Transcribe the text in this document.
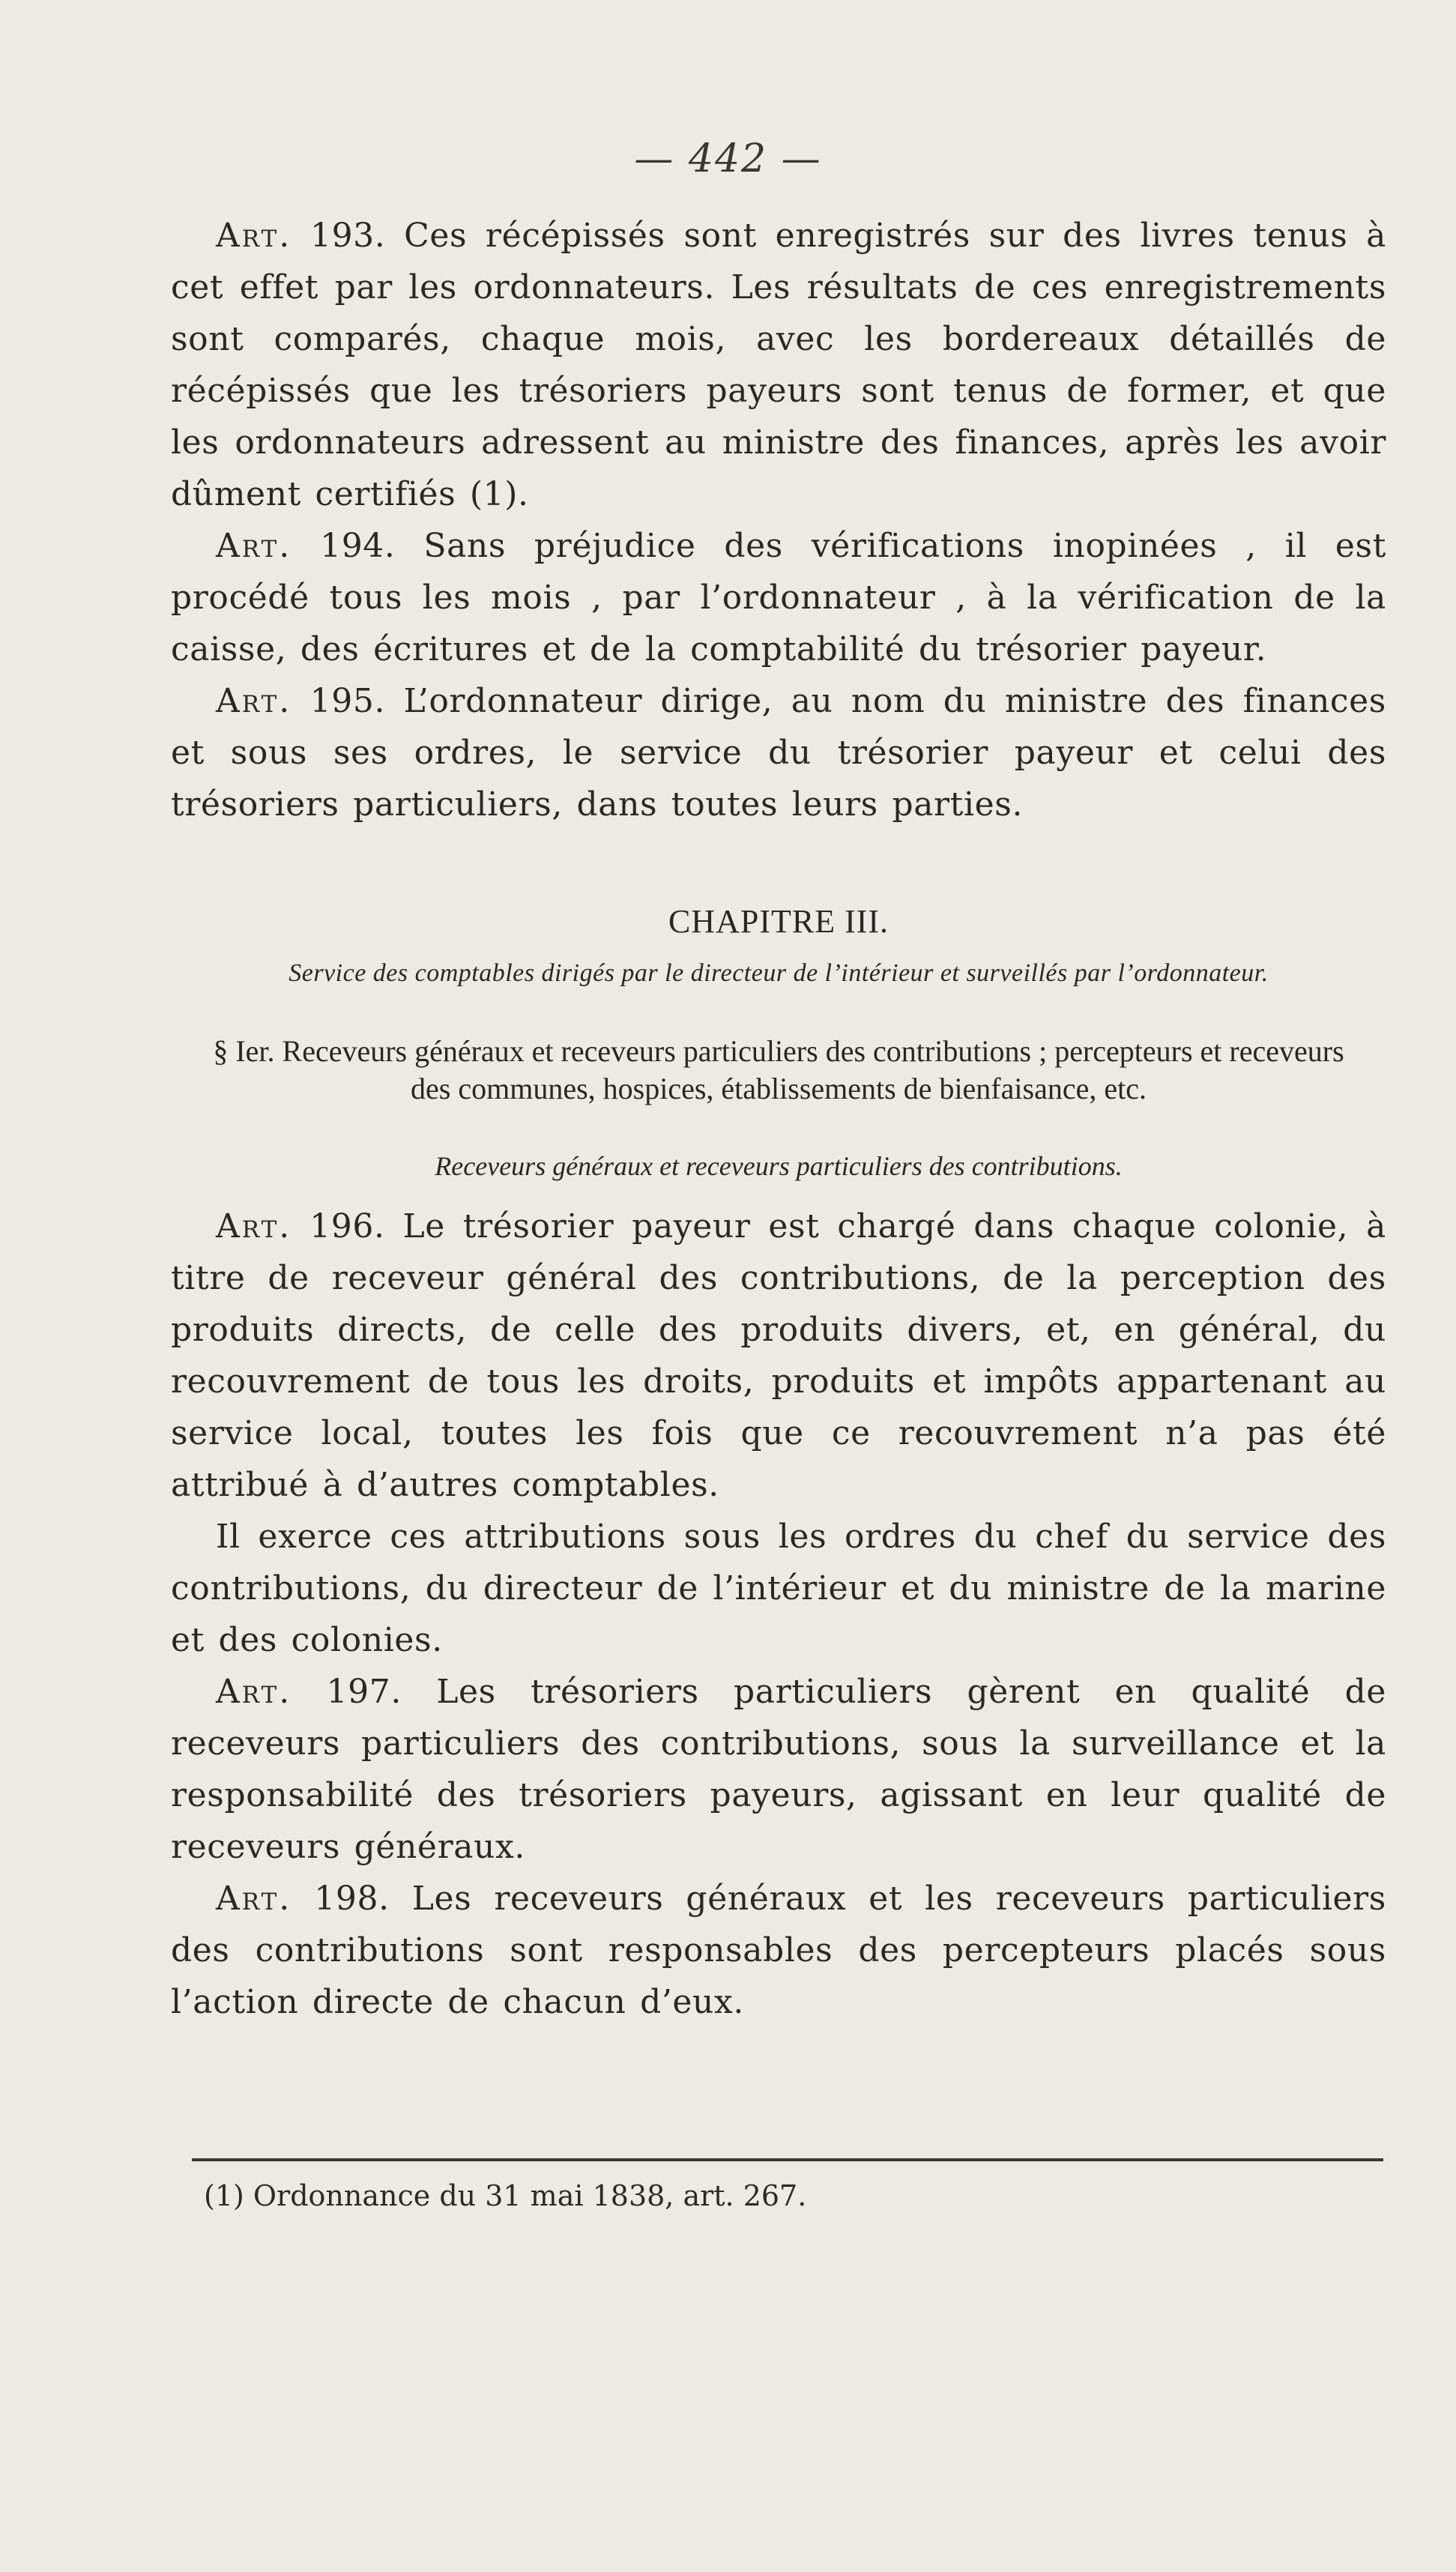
— 442 —

Art. 193. Ces récépissés sont enregistrés sur des livres tenus à cet effet par les ordonnateurs. Les résultats de ces enregistrements sont comparés, chaque mois, avec les bordereaux détaillés de récépissés que les trésoriers payeurs sont tenus de former, et que les ordonnateurs adressent au ministre des finances, après les avoir dûment certifiés (1).

Art. 194. Sans préjudice des vérifications inopinées , il est procédé tous les mois , par l’ordonnateur , à la vérification de la caisse, des écritures et de la comptabilité du trésorier payeur.

Art. 195. L’ordonnateur dirige, au nom du ministre des finances et sous ses ordres, le service du trésorier payeur et celui des trésoriers particuliers, dans toutes leurs parties.

CHAPITRE III.
Service des comptables dirigés par le directeur de l’intérieur et surveillés par l’ordonnateur.
§ Ier. Receveurs généraux et receveurs particuliers des contributions ; percepteurs et receveurs des communes, hospices, établissements de bienfaisance, etc.
Receveurs généraux et receveurs particuliers des contributions.

Art. 196. Le trésorier payeur est chargé dans chaque colonie, à titre de receveur général des contributions, de la perception des produits directs, de celle des produits divers, et, en général, du recouvrement de tous les droits, produits et impôts appartenant au service local, toutes les fois que ce recouvrement n’a pas été attribué à d’autres comptables.

Il exerce ces attributions sous les ordres du chef du service des contributions, du directeur de l’intérieur et du ministre de la marine et des colonies.

Art. 197. Les trésoriers particuliers gèrent en qualité de receveurs particuliers des contributions, sous la surveillance et la responsabilité des trésoriers payeurs, agissant en leur qualité de receveurs généraux.

Art. 198. Les receveurs généraux et les receveurs particuliers des contributions sont responsables des percepteurs placés sous l’action directe de chacun d’eux.

(1) Ordonnance du 31 mai 1838, art. 267.
